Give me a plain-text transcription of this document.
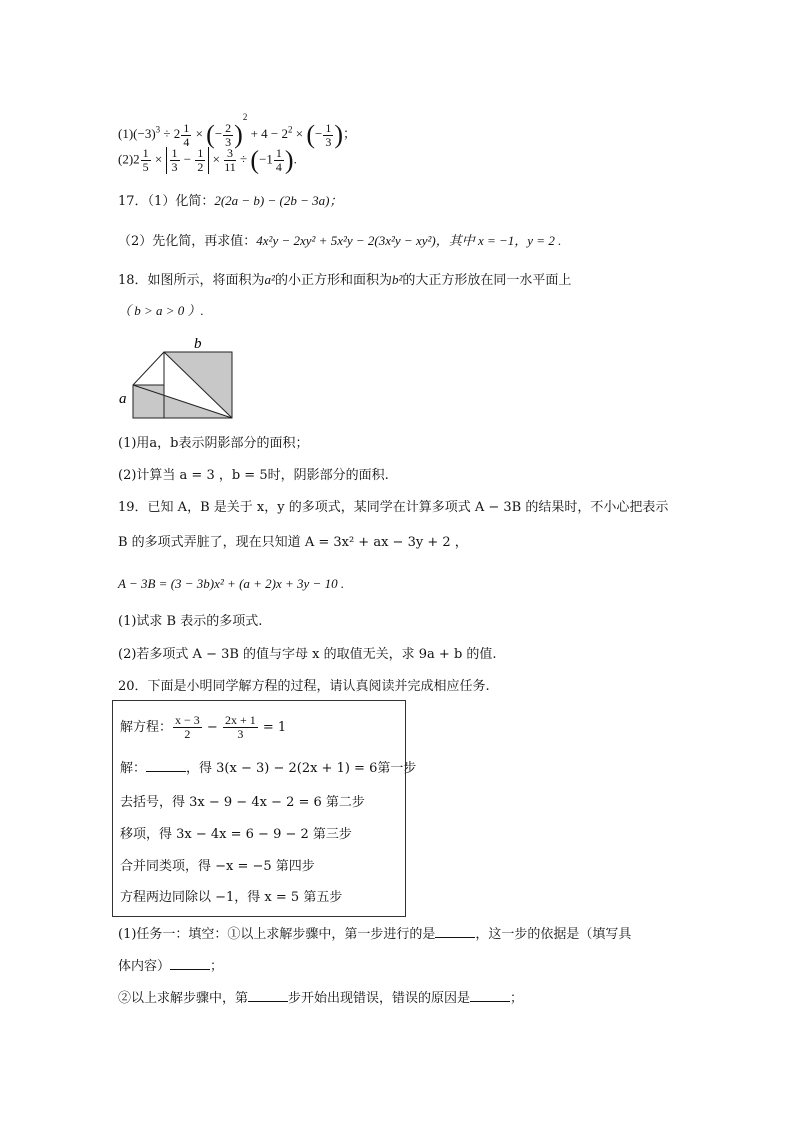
$(1)(-3)^3 \div 2 \frac{1}{4}$ × (− $\frac{2}{3} )^2 + 4 - 2^2$ × (− $\frac{1}{3}$ )；
$(2)2 \frac{1}{5} \times \frac{1}{3} - \frac{1}{2} \times \frac{3}{11} \div (-1 \frac{1}{4}$ ).
17．（1）化简：2(2a − b) − (2b − 3a)；
（2）先化简，再求值：4x²y − 2xy² + 5x²y − 2(3x²y − xy²)，其中 x = −1，y = 2 .
18．如图所示，将面积为a²的小正方形和面积为b²的大正方形放在同一水平面上
（ b > a > 0 ）.
b
a
(1)用a，b表示阴影部分的面积；
(2)计算当 a = 3 ，b = 5时，阴影部分的面积.
19．已知 A，B 是关于 x，y 的多项式，某同学在计算多项式 A − 3B 的结果时，不小心把表示
B 的多项式弄脏了，现在只知道 A = 3x² + ax − 3y + 2 ，
A − 3B = (3 − 3b)x² + (a + 2)x + 3y − 10 .
(1)试求 B 表示的多项式.
(2)若多项式 A − 3B 的值与字母 x 的取值无关，求 9a + b 的值.
20．下面是小明同学解方程的过程，请认真阅读并完成相应任务.
解方程： $\frac{x - 3}{2} - \frac{2x + 1}{3} = 1$
解：	，得 3(x − 3) − 2(2x + 1) = 6第一步
去括号，得 3x − 9 − 4x − 2 = 6 第二步
移项，得 3x − 4x = 6 − 9 − 2 第三步
合并同类项，得 −x = −5 第四步
方程两边同除以 −1，得 x = 5 第五步
(1)任务一：填空：①以上求解步骤中，第一步进行的是	，这一步的依据是（填写具
体内容）	；
②以上求解步骤中，第	步开始出现错误，错误的原因是	；
